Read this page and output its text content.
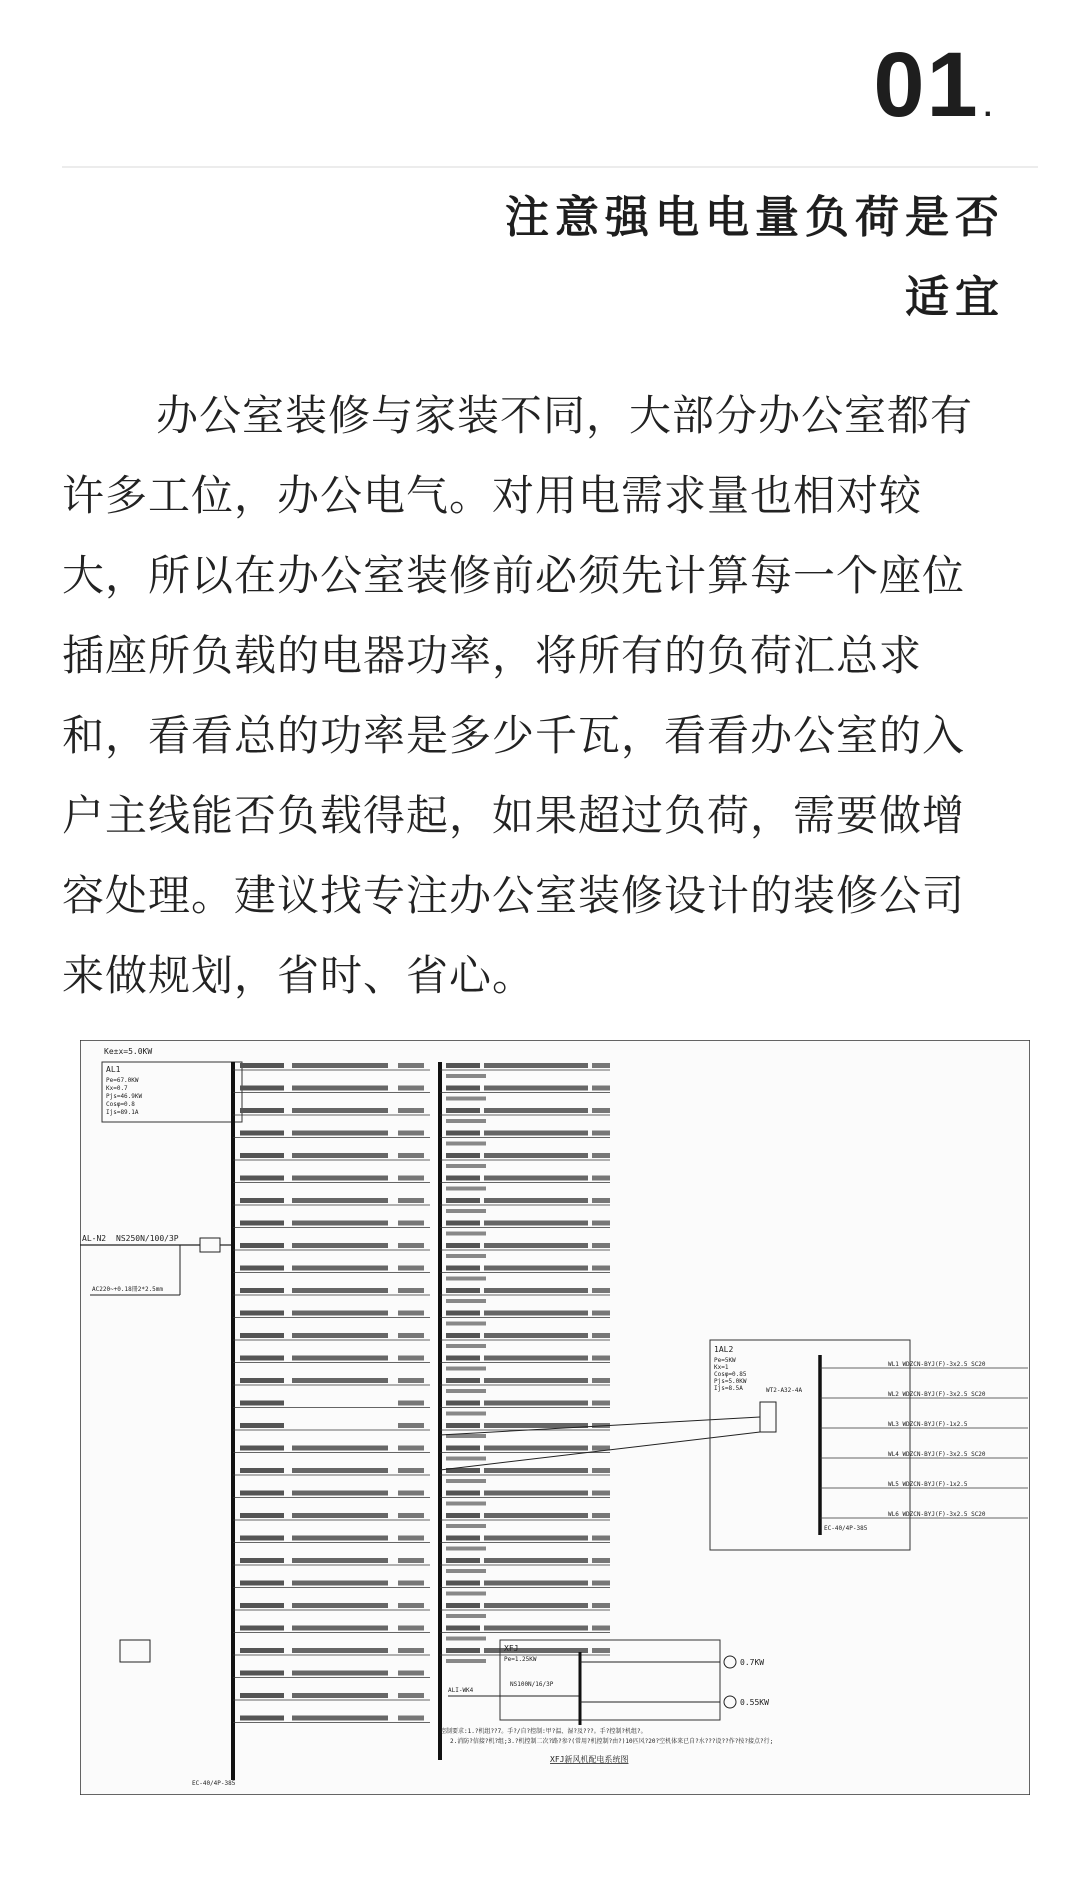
01 .
注意强电电量负荷是否适宜

办公室装修与家装不同，大部分办公室都有许多工位，办公电气。对用电需求量也相对较大，所以在办公室装修前必须先计算每一个座位插座所负载的电器功率，将所有的负荷汇总求和，看看总的功率是多少千瓦，看看办公室的入户主线能否负载得起，如果超过负荷，需要做增容处理。建议找专注办公室装修设计的装修公司来做规划，省时、省心。

Ke±x=5.0KW
AL1
Pe=67.0KW
Kx=0.7
Pjs=46.9KW
Cosφ=0.8
Ijs=89.1A
AL-N2 NS250N/100/3P
AC220~+0.18冊2*2.5mm
1AL2
Pe=5KW
Kx=1
Cosφ=0.85
Pjs=5.0KW
Ijs=8.5A	WT2-A32-4A
WL1 WDZCN-BYJ(F)-3x2.5 SC20
WL2 WDZCN-BYJ(F)-3x2.5 SC20
WL3 WDZCN-BYJ(F)-1x2.5
WL4 WDZCN-BYJ(F)-3x2.5 SC20
WL5 WDZCN-BYJ(F)-1x2.5
WL6 WDZCN-BYJ(F)-3x2.5 SC20
EC-40/4P-385
XFJ
Pe=1.25KW
ALI-WK4
NS100N/16/3P
0.7KW
0.55KW
XFJ新风机配电系统图
控制要求:1.?机组??7。手?/自?控制:甲?温、湿?及???。手?控制?机组?。
2.消防?信接?机?组;3.?机控制二次?路?参?(常用?机控制?由?)10匹风?20?空机体来已自?水???设??作?按?接点?行;
EC-40/4P-385
